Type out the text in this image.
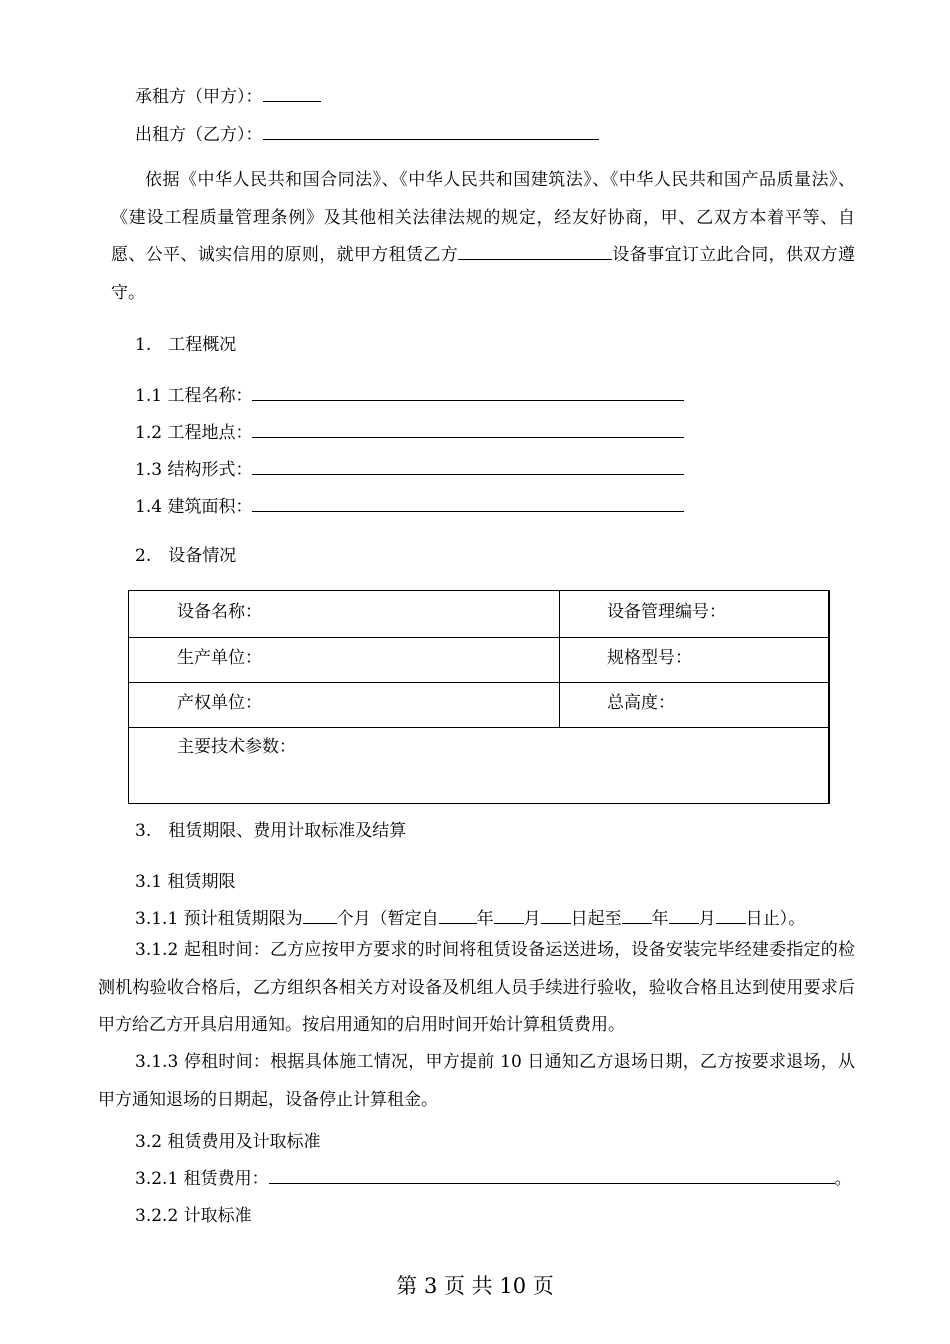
承租方（甲方）：
出租方（乙方）：

依据《中华人民共和国合同法》、《中华人民共和国建筑法》、《中华人民共和国产品质量法》、《建设工程质量管理条例》及其他相关法律法规的规定，经友好协商，甲、乙双方本着平等、自愿、公平、诚实信用的原则，就甲方租赁乙方	设备事宜订立此合同，供双方遵守。

1.　工程概况
1.1 工程名称：
1.2 工程地点：
1.3 结构形式：
1.4 建筑面积：
2.　设备情况
设备名称：	设备管理编号：
生产单位：	规格型号：
产权单位：	总高度：
主要技术参数：
3.　租赁期限、费用计取标准及结算
3.1 租赁期限
3.1.1 预计租赁期限为 个月（暂定自 年 月 日起至 年 月 日止）。

3.1.2 起租时间：乙方应按甲方要求的时间将租赁设备运送进场，设备安装完毕经建委指定的检测机构验收合格后，乙方组织各相关方对设备及机组人员手续进行验收，验收合格且达到使用要求后甲方给乙方开具启用通知。按启用通知的启用时间开始计算租赁费用。

3.1.3 停租时间：根据具体施工情况，甲方提前 10 日通知乙方退场日期，乙方按要求退场，从甲方通知退场的日期起，设备停止计算租金。

3.2 租赁费用及计取标准
3.2.1 租赁费用：	。
3.2.2 计取标准
第 3 页 共 10 页
